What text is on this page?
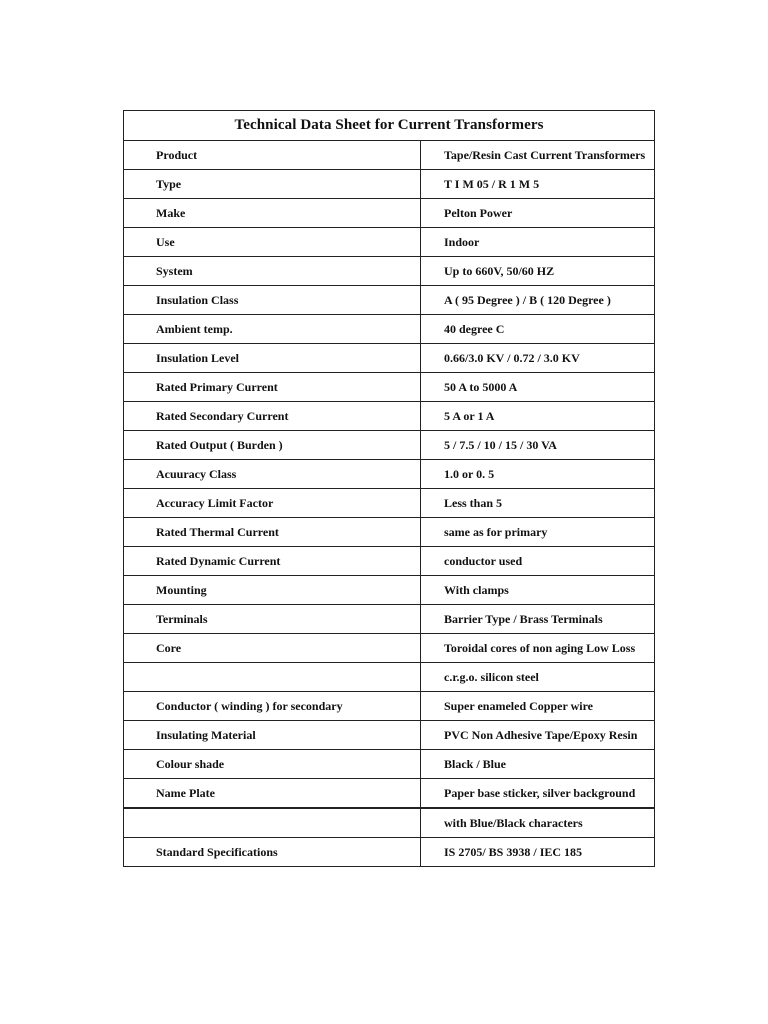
Technical Data Sheet for Current Transformers
Product	Tape/Resin Cast Current Transformers
Type	T I M 05 / R 1 M 5
Make	Pelton Power
Use	Indoor
System	Up to 660V, 50/60 HZ
Insulation Class	A ( 95 Degree ) / B ( 120 Degree )
Ambient temp.	40 degree C
Insulation Level	0.66/3.0 KV / 0.72 / 3.0 KV
Rated Primary Current	50 A to 5000 A
Rated Secondary Current	5 A or 1 A
Rated Output ( Burden )	5 / 7.5 / 10 / 15 / 30 VA
Acuuracy Class	1.0 or 0. 5
Accuracy Limit Factor	Less than 5
Rated Thermal Current	same as for primary
Rated Dynamic Current	conductor used
Mounting	With clamps
Terminals	Barrier Type / Brass Terminals
Core	Toroidal cores of non aging Low Loss
	c.r.g.o. silicon steel
Conductor ( winding ) for secondary	Super enameled Copper wire
Insulating Material	PVC Non Adhesive Tape/Epoxy Resin
Colour shade	Black / Blue
Name Plate	Paper base sticker, silver background
	with Blue/Black characters
Standard Specifications	IS 2705/ BS 3938 / IEC 185
